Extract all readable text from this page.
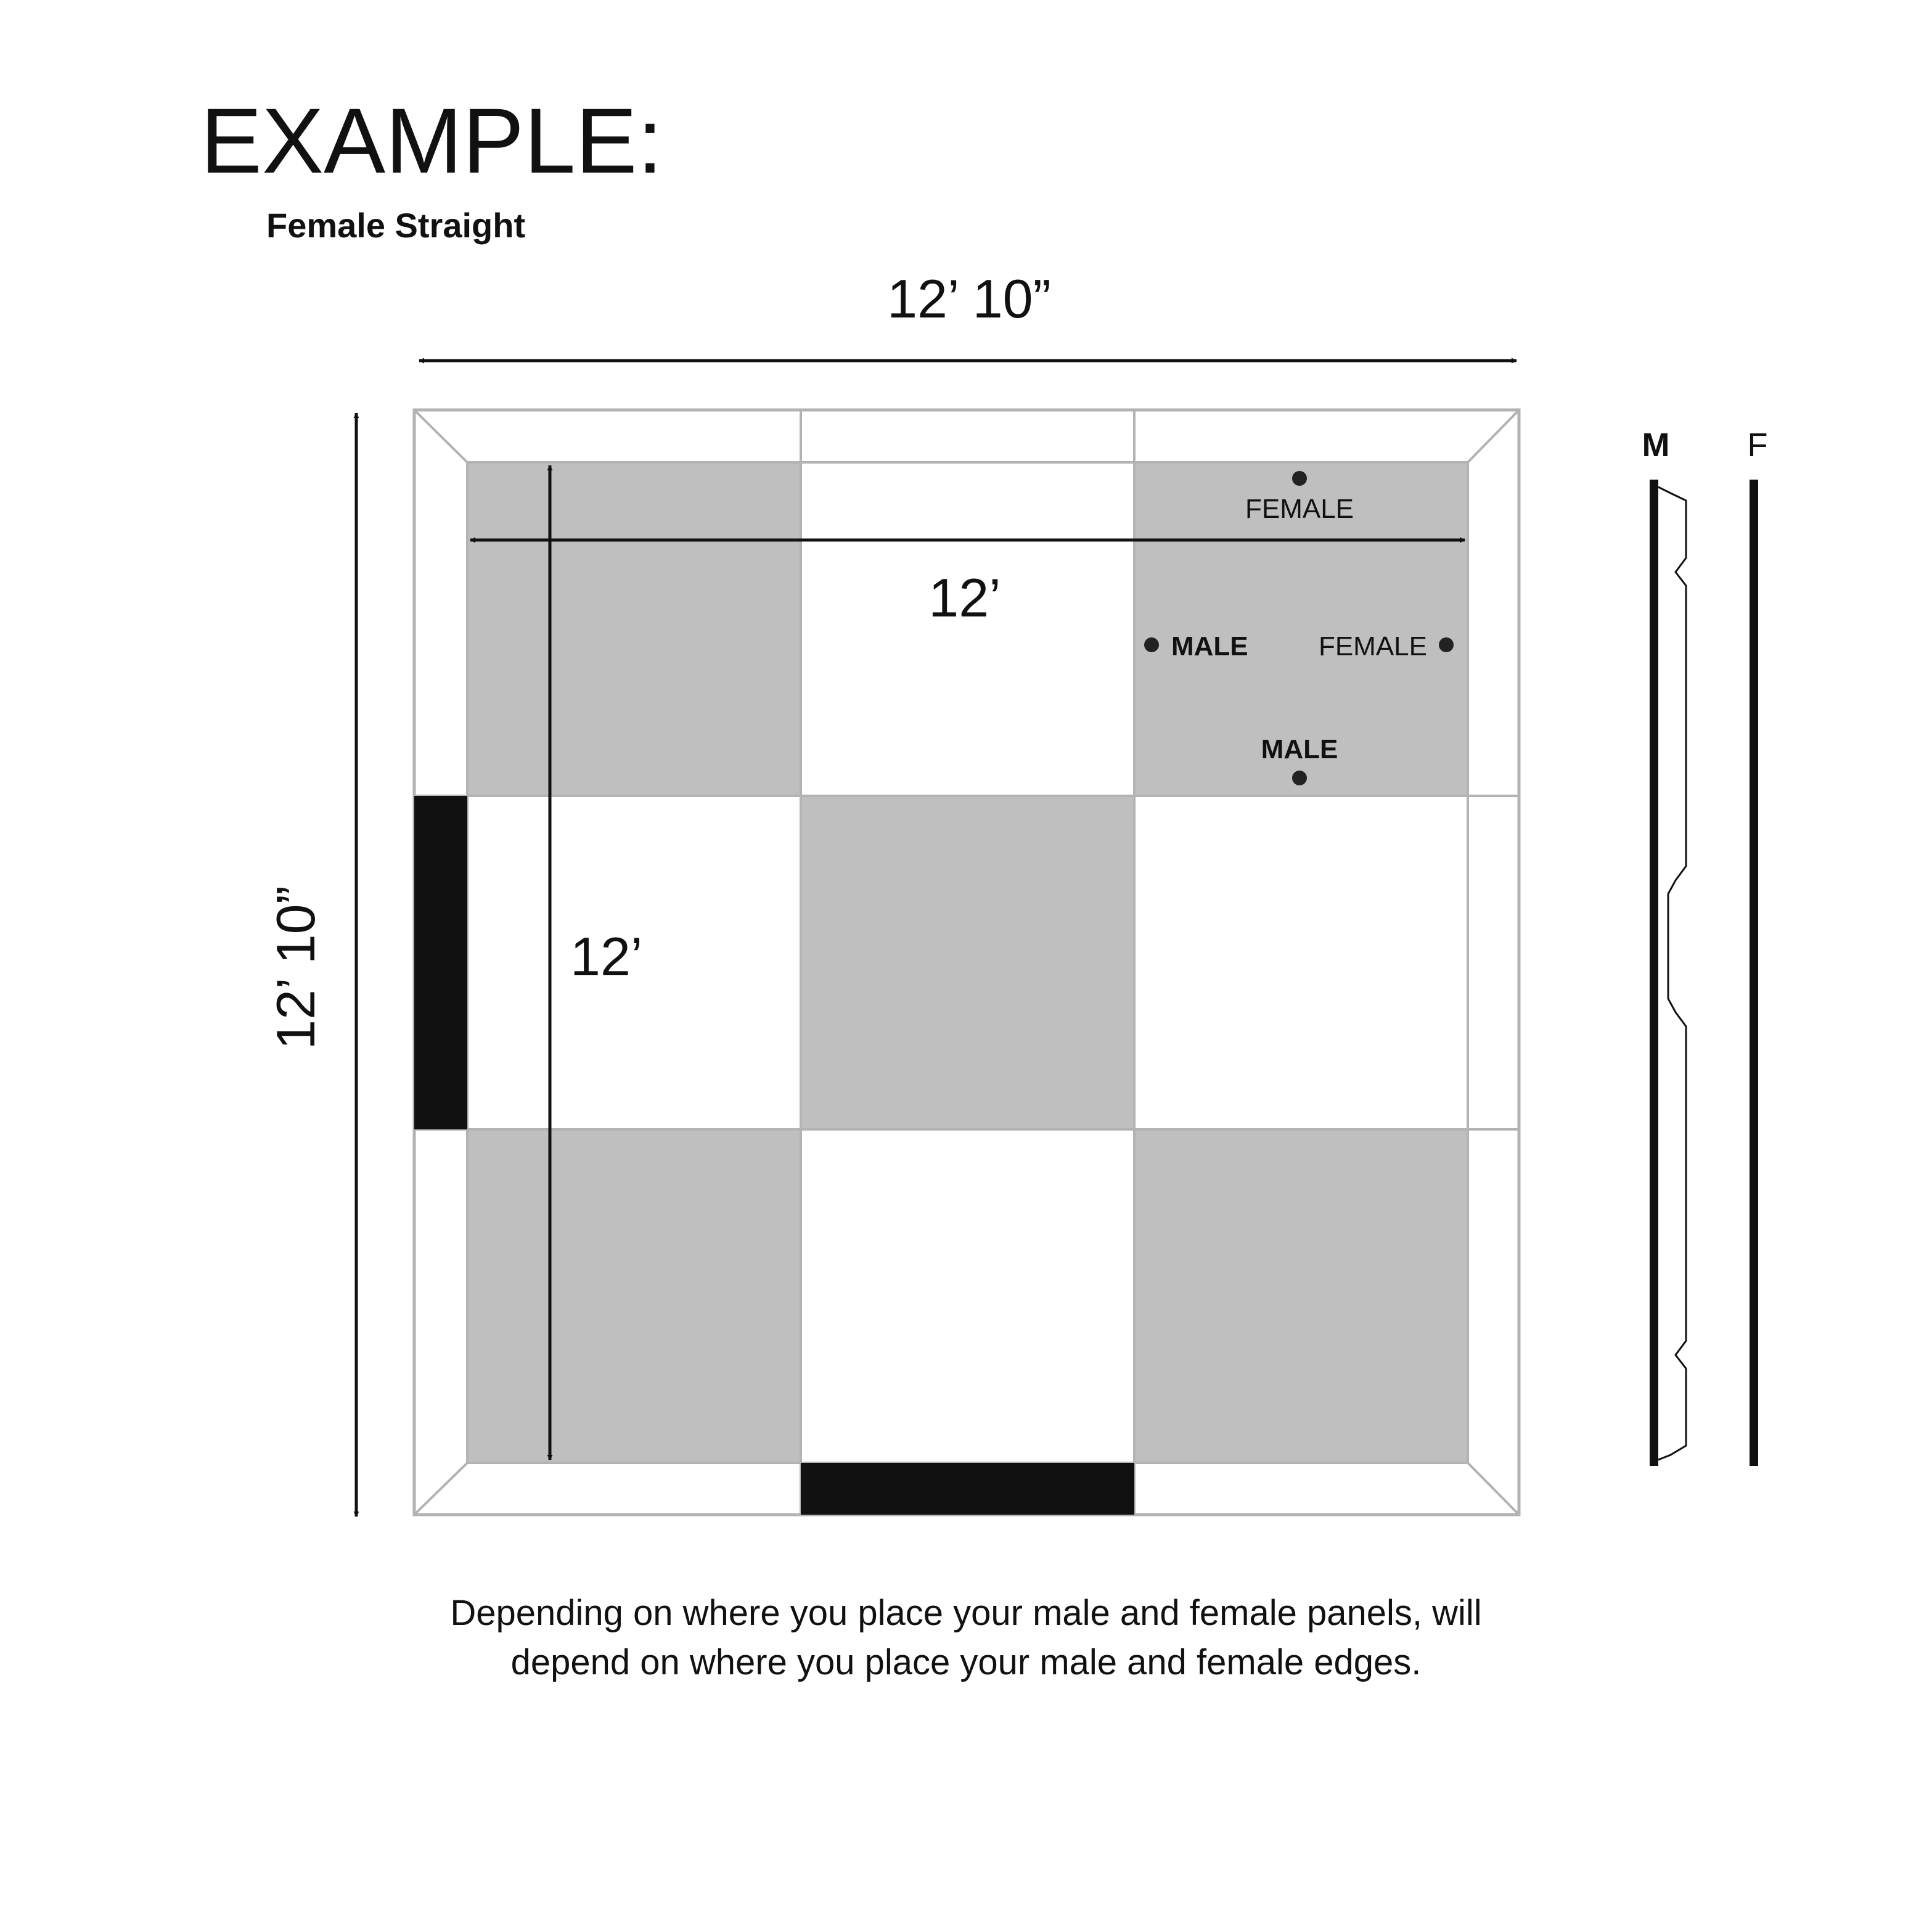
EXAMPLE:
Female Straight
12’ 10”
12’ 10”
12’
12’
FEMALE
MALE	FEMALE
MALE
M F
Depending on where you place your male and female panels, will
depend on where you place your male and female edges.
